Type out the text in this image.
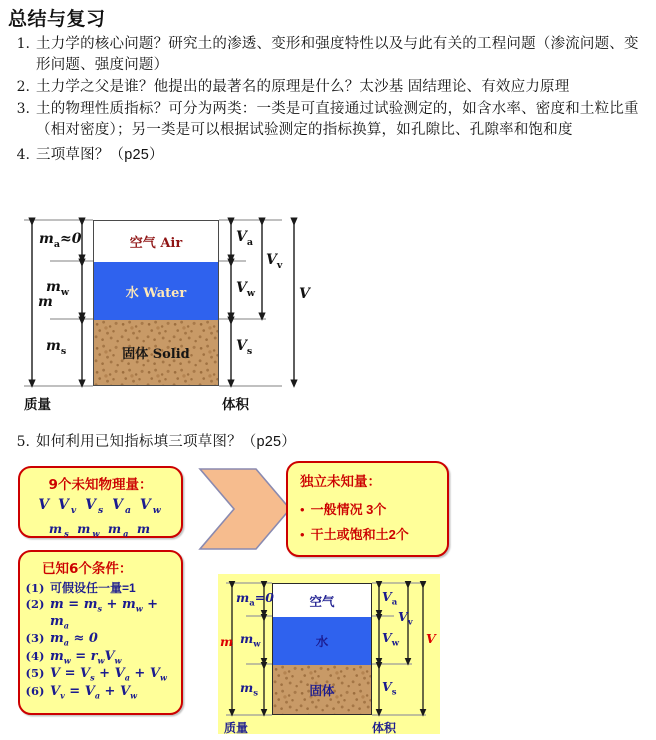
总结与复习
1. 土力学的核心问题？研究土的渗透、变形和强度特性以及与此有关的工程问题（渗流问题、变形问题、强度问题）
2. 土力学之父是谁？他提出的最著名的原理是什么？太沙基 固结理论、有效应力原理
3. 土的物理性质指标？可分为两类：一类是可直接通过试验测定的，如含水率、密度和土粒比重（相对密度）；另一类是可以根据试验测定的指标换算，如孔隙比、孔隙率和饱和度
4. 三项草图？（p25）
空气 Air
水 Water
固体 Solid
m
$m_a\approx 0$
$m_w$
$m_s$
$V_a$
$V_w$
$V_s$
$V_v$
V
质量	体积
5. 如何利用已知指标填三项草图？（p25）
9个未知物理量：
V $V_v$ $V_s$ $V_a$ $V_w$
$m_s$ $m_w$ $m_a$ m
独立未知量：
• 一般情况 3个
• 干土或饱和土2个
已知6个条件：
(1) 可假设任一量=1
(2) $m = m_s + m_w + m_a$
(3) $m_a \approx 0$
(4) $m_w = r_wV_w$
(5) $V = V_s + V_a + V_w$
(6) $V_v = V_a + V_w$
空气
水
固体
m
$m_a=0$
$m_w$
$m_s$
$V_a$
$V_w$
$V_s$
$V_v$
V
质量	体积
